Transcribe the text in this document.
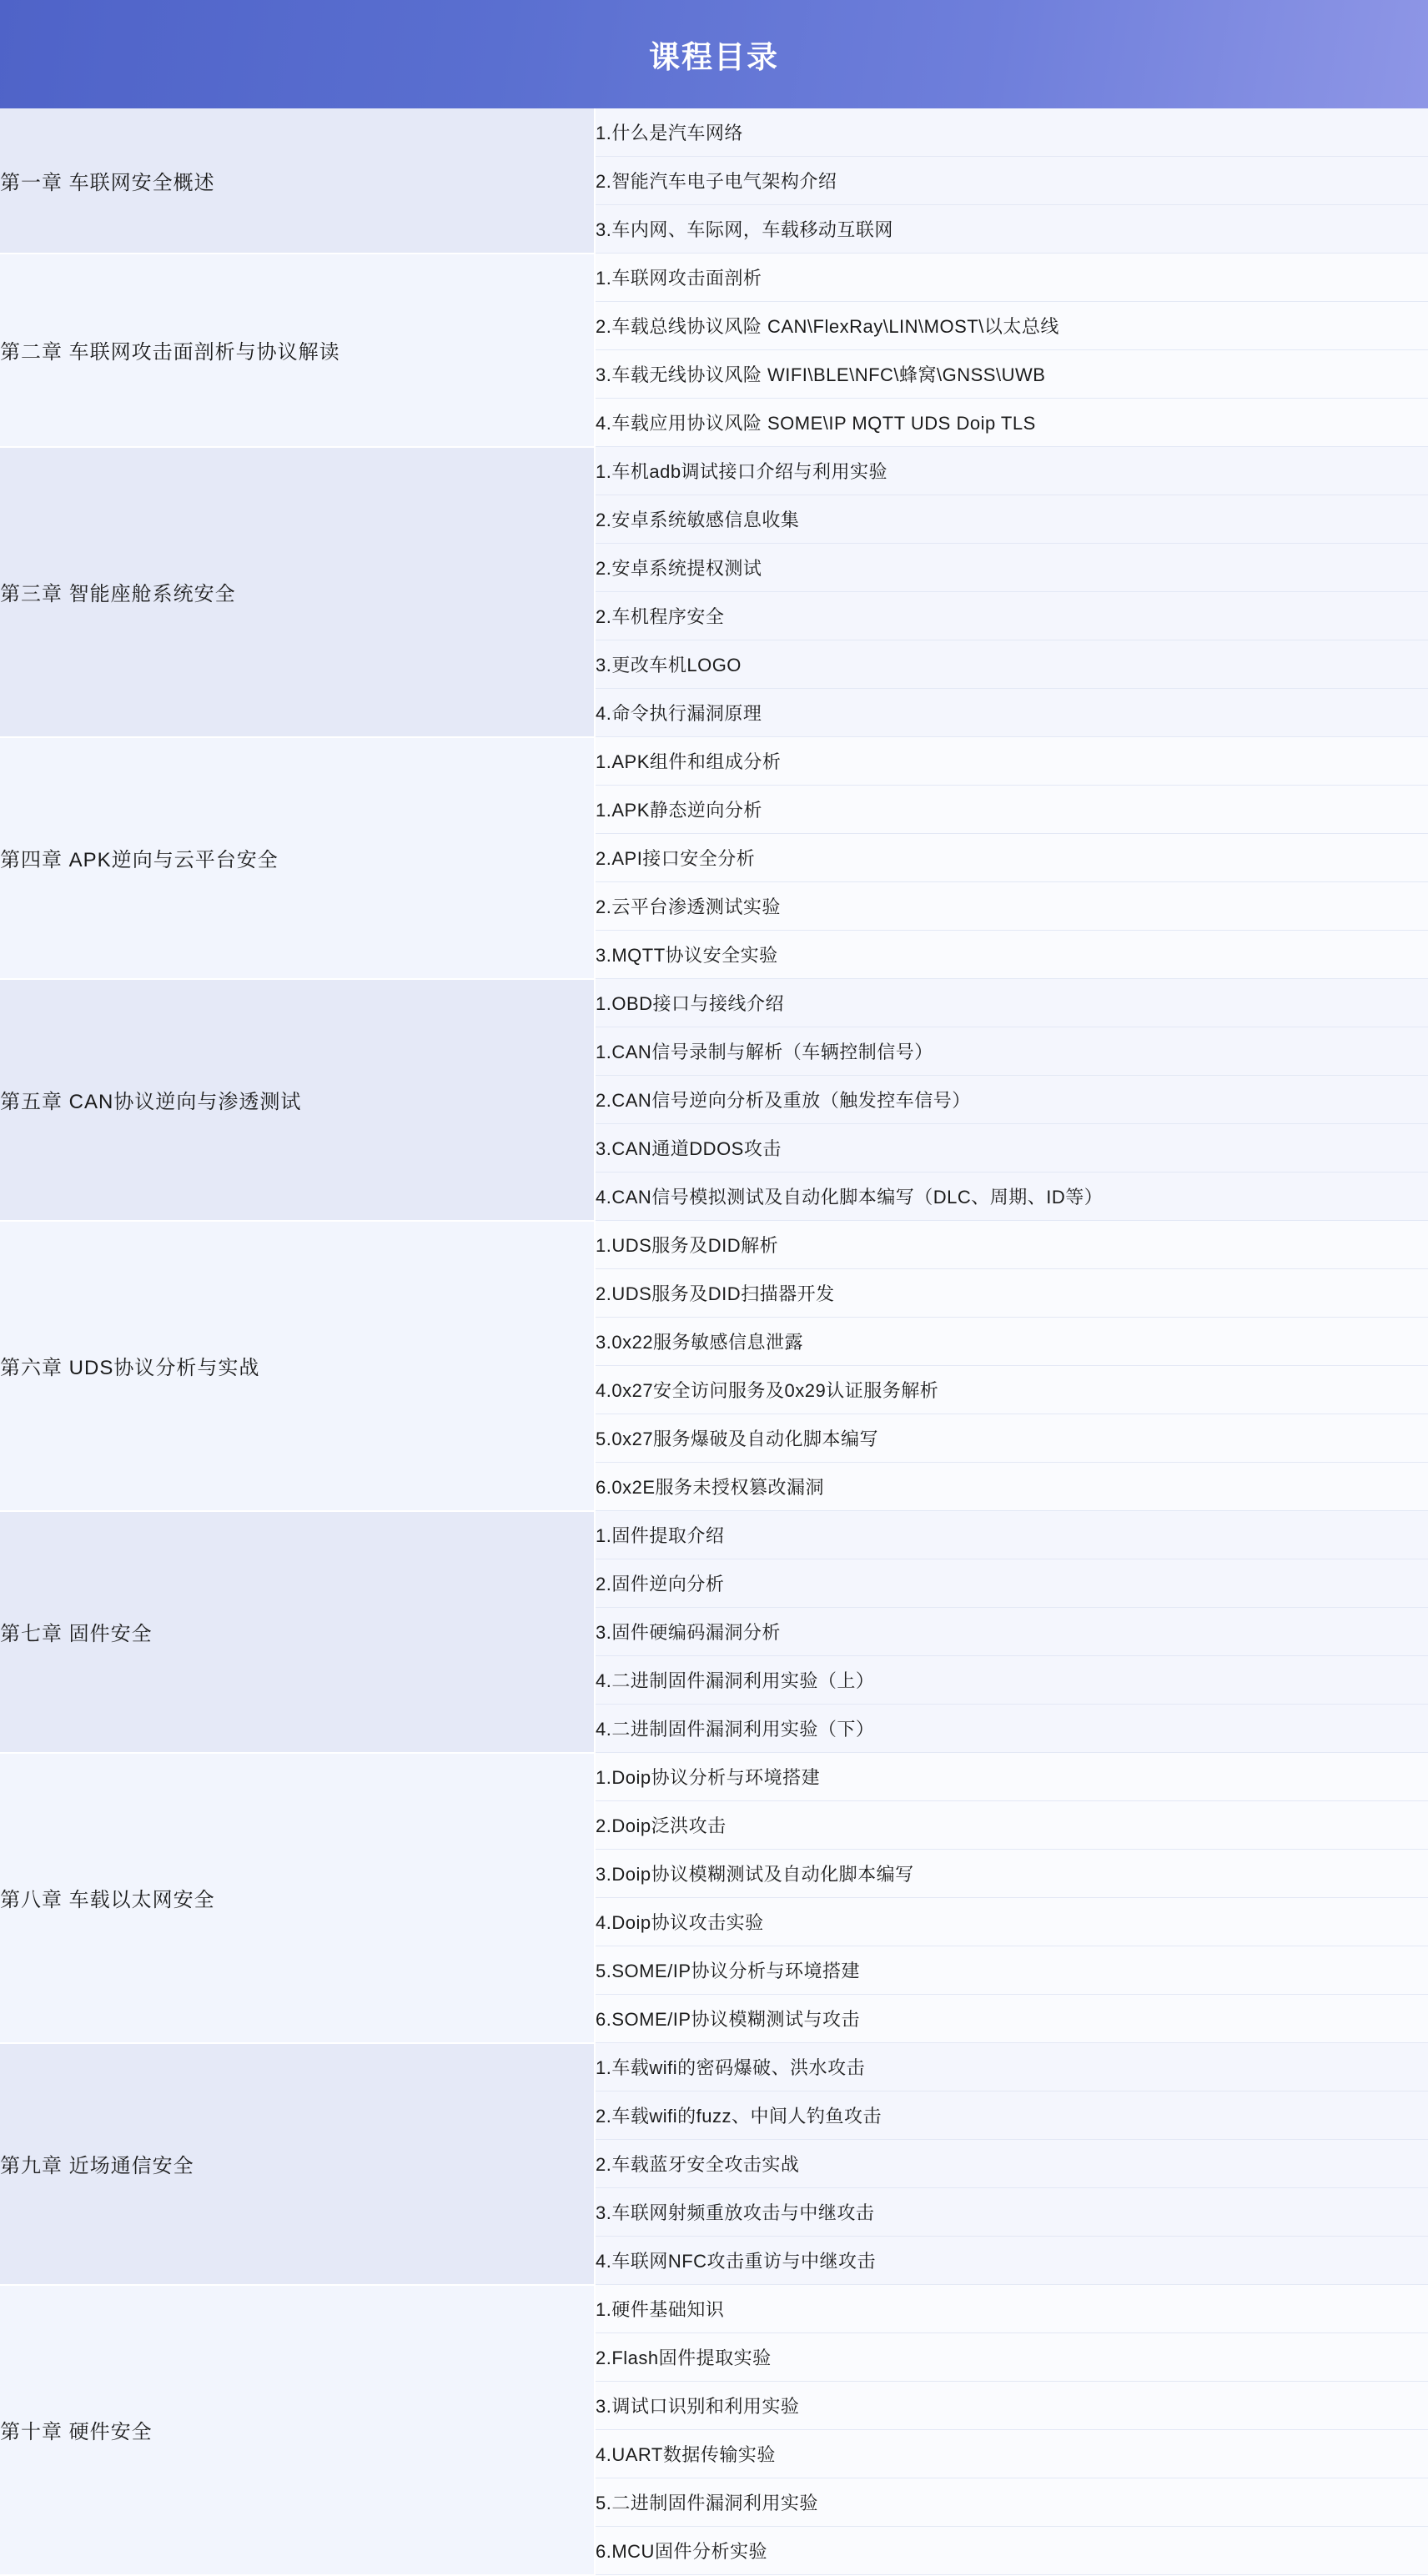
课程目录
第一章 车联网安全概述	1.什么是汽车网络
	2.智能汽车电子电气架构介绍
	3.车内网、车际网，车载移动互联网
第二章 车联网攻击面剖析与协议解读	1.车联网攻击面剖析
	2.车载总线协议风险 CAN\FlexRay\LIN\MOST\以太总线
	3.车载无线协议风险 WIFI\BLE\NFC\蜂窝\GNSS\UWB
	4.车载应用协议风险 SOME\IP MQTT UDS Doip TLS
第三章 智能座舱系统安全	1.车机adb调试接口介绍与利用实验
	2.安卓系统敏感信息收集
	2.安卓系统提权测试
	2.车机程序安全
	3.更改车机LOGO
	4.命令执行漏洞原理
第四章 APK逆向与云平台安全	1.APK组件和组成分析
	1.APK静态逆向分析
	2.API接口安全分析
	2.云平台渗透测试实验
	3.MQTT协议安全实验
第五章 CAN协议逆向与渗透测试	1.OBD接口与接线介绍
	1.CAN信号录制与解析（车辆控制信号）
	2.CAN信号逆向分析及重放（触发控车信号）
	3.CAN通道DDOS攻击
	4.CAN信号模拟测试及自动化脚本编写（DLC、周期、ID等）
第六章 UDS协议分析与实战	1.UDS服务及DID解析
	2.UDS服务及DID扫描器开发
	3.0x22服务敏感信息泄露
	4.0x27安全访问服务及0x29认证服务解析
	5.0x27服务爆破及自动化脚本编写
	6.0x2E服务未授权篡改漏洞
第七章 固件安全	1.固件提取介绍
	2.固件逆向分析
	3.固件硬编码漏洞分析
	4.二进制固件漏洞利用实验（上）
	4.二进制固件漏洞利用实验（下）
第八章 车载以太网安全	1.Doip协议分析与环境搭建
	2.Doip泛洪攻击
	3.Doip协议模糊测试及自动化脚本编写
	4.Doip协议攻击实验
	5.SOME/IP协议分析与环境搭建
	6.SOME/IP协议模糊测试与攻击
第九章 近场通信安全	1.车载wifi的密码爆破、洪水攻击
	2.车载wifi的fuzz、中间人钓鱼攻击
	2.车载蓝牙安全攻击实战
	3.车联网射频重放攻击与中继攻击
	4.车联网NFC攻击重访与中继攻击
第十章 硬件安全	1.硬件基础知识
	2.Flash固件提取实验
	3.调试口识别和利用实验
	4.UART数据传输实验
	5.二进制固件漏洞利用实验
	6.MCU固件分析实验
